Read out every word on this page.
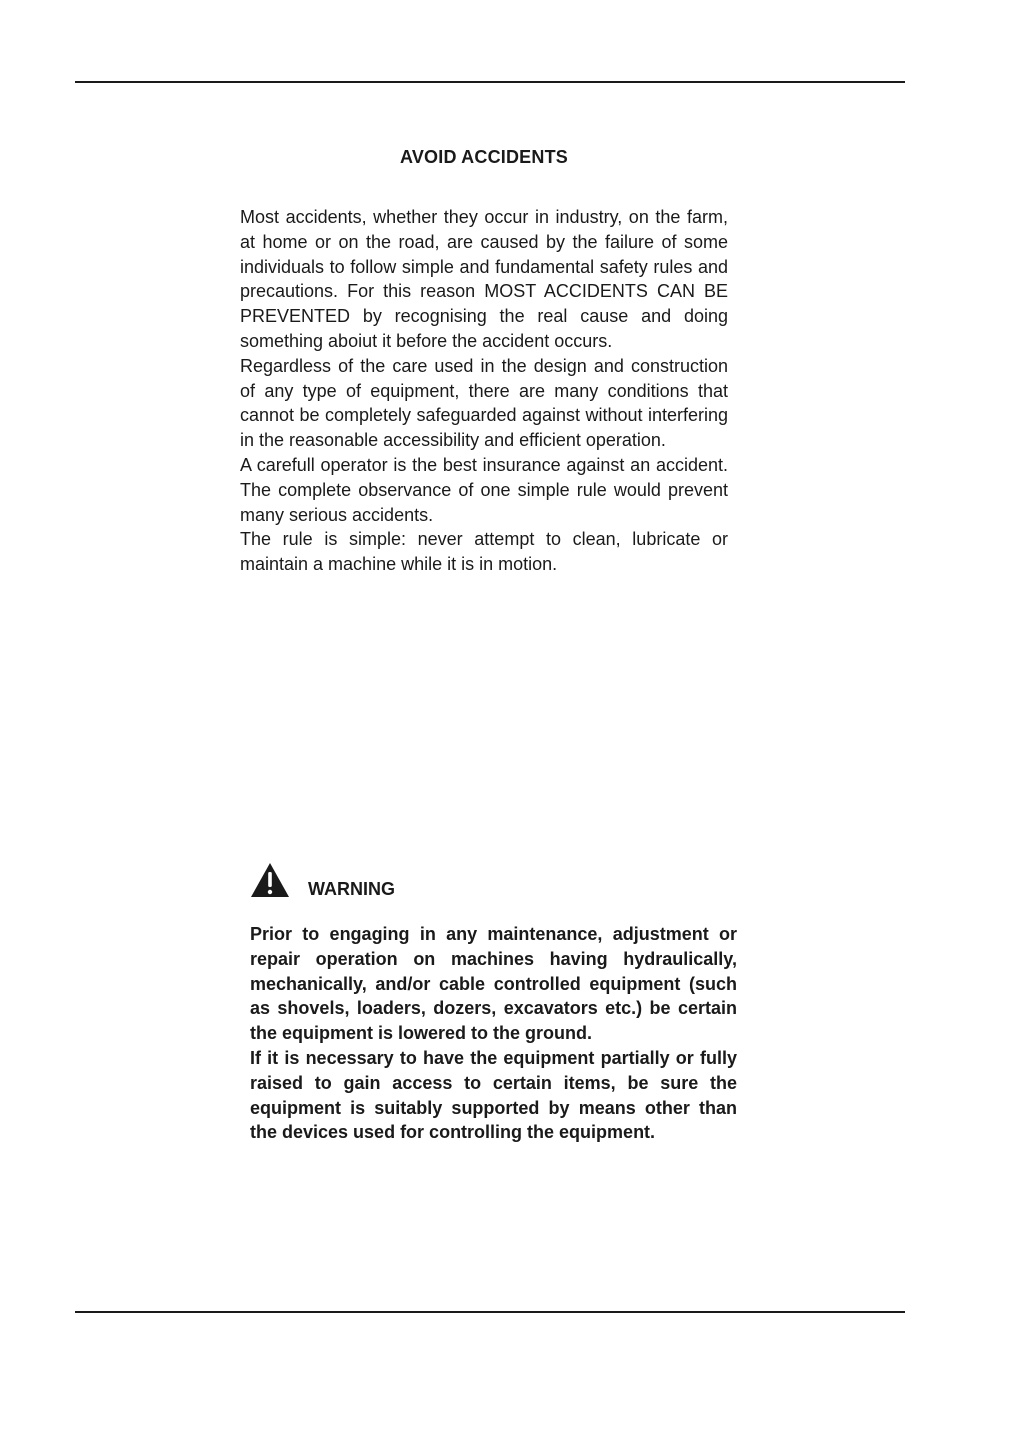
AVOID ACCIDENTS

Most accidents, whether they occur in industry, on the farm, at home or on the road, are caused by the failure of some individuals to follow simple and fundamental safety rules and precautions. For this reason MOST ACCIDENTS CAN BE PREVENTED by recognising the real cause and doing something aboiut it before the accident occurs.

Regardless of the care used in the design and construction of any type of equipment, there are many conditions that cannot be completely safeguarded against without interfering in the reasonable accessibility and efficient operation.

A carefull operator is the best insurance against an accident. The complete observance of one simple rule would prevent many serious accidents.

The rule is simple: never attempt to clean, lubricate or maintain a machine while it is in motion.

WARNING

Prior to engaging in any maintenance, adjustment or repair operation on machines having hydraulically, mechanically, and/or cable controlled equipment (such as shovels, loaders, dozers, excavators etc.) be certain the equipment is lowered to the ground.

If it is necessary to have the equipment partially or fully raised to gain access to certain items, be sure the equipment is suitably supported by means other than the devices used for controlling the equipment.
